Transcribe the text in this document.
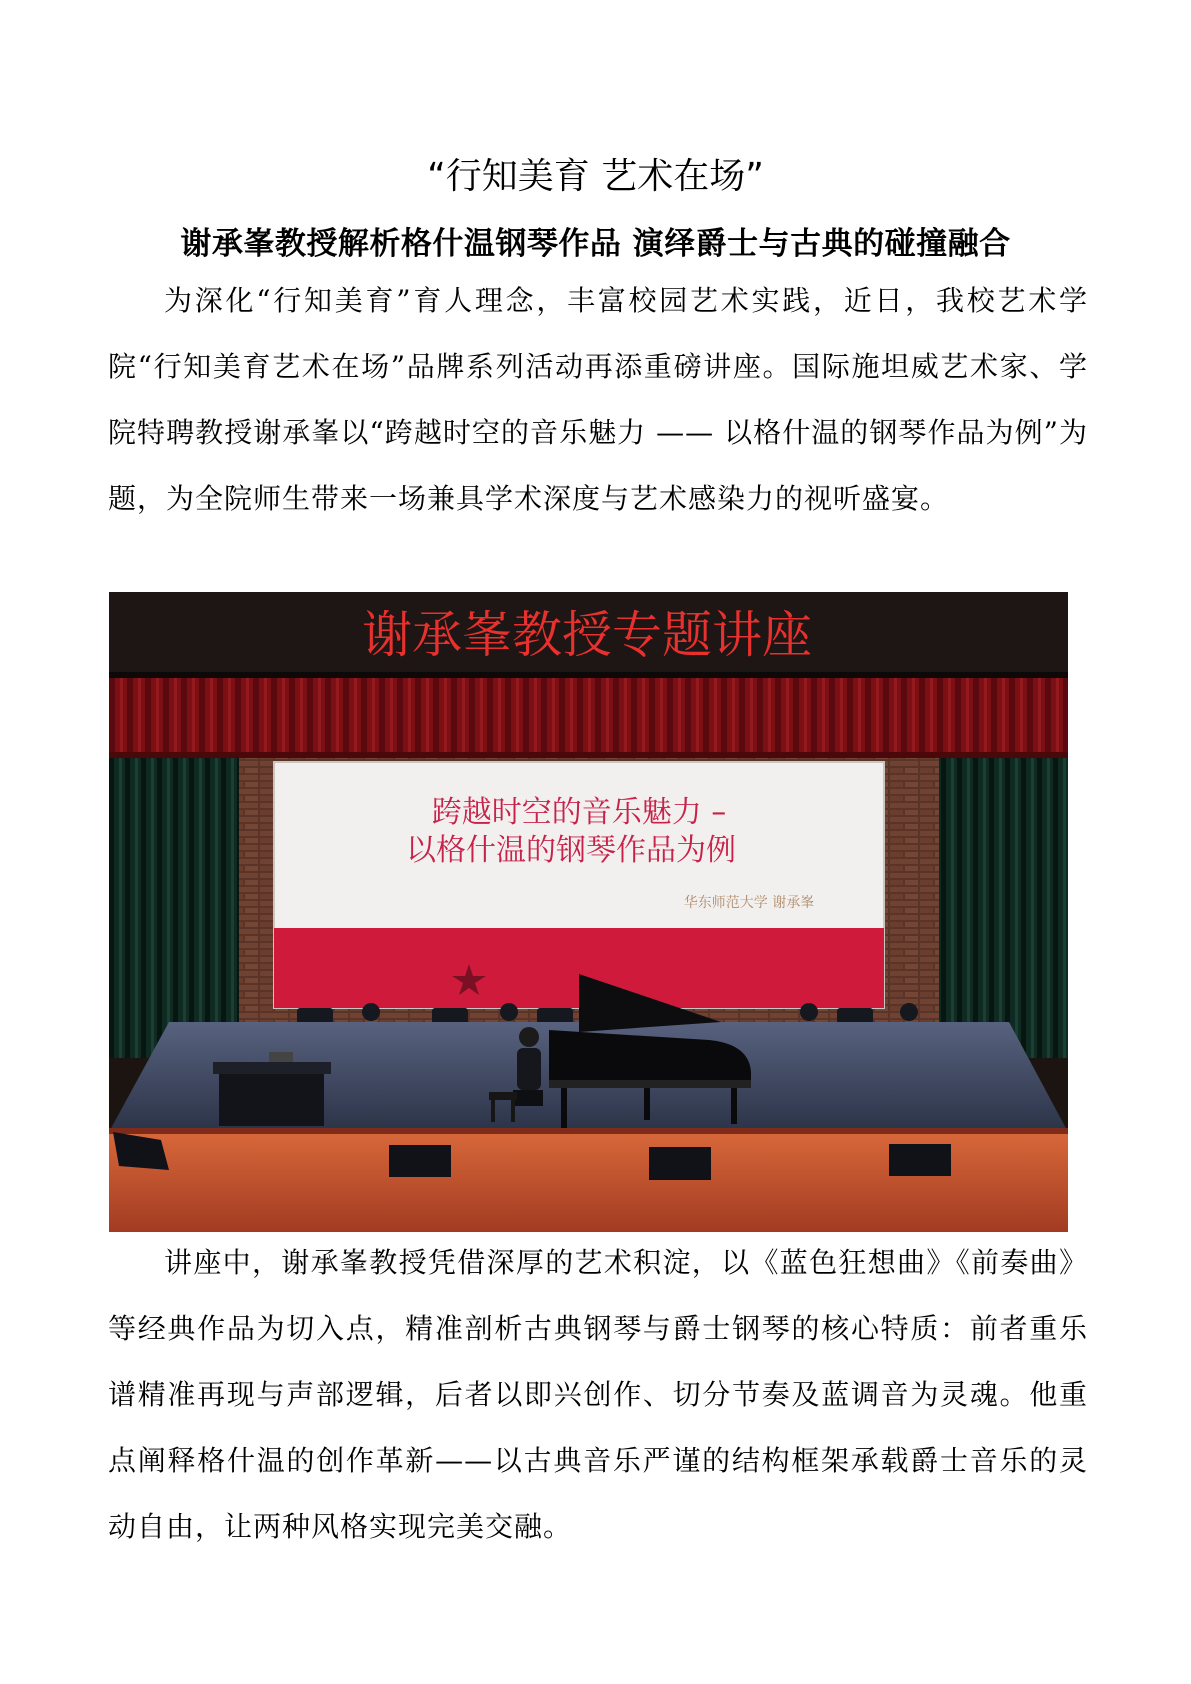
“行知美育 艺术在场”
谢承峯教授解析格什温钢琴作品 演绎爵士与古典的碰撞融合

为深化“行知美育”育人理念，丰富校园艺术实践，近日，我校艺术学院“行知美育艺术在场”品牌系列活动再添重磅讲座。国际施坦威艺术家、学院特聘教授谢承峯以“跨越时空的音乐魅力 —— 以格什温的钢琴作品为例”为题，为全院师生带来一场兼具学术深度与艺术感染力的视听盛宴。

谢承峯教授专题讲座
跨越时空的音乐魅力 –
以格什温的钢琴作品为例
华东师范大学 谢承峯

讲座中，谢承峯教授凭借深厚的艺术积淀，以《蓝色狂想曲》《前奏曲》等经典作品为切入点，精准剖析古典钢琴与爵士钢琴的核心特质：前者重乐谱精准再现与声部逻辑，后者以即兴创作、切分节奏及蓝调音为灵魂。他重点阐释格什温的创作革新——以古典音乐严谨的结构框架承载爵士音乐的灵动自由，让两种风格实现完美交融。
